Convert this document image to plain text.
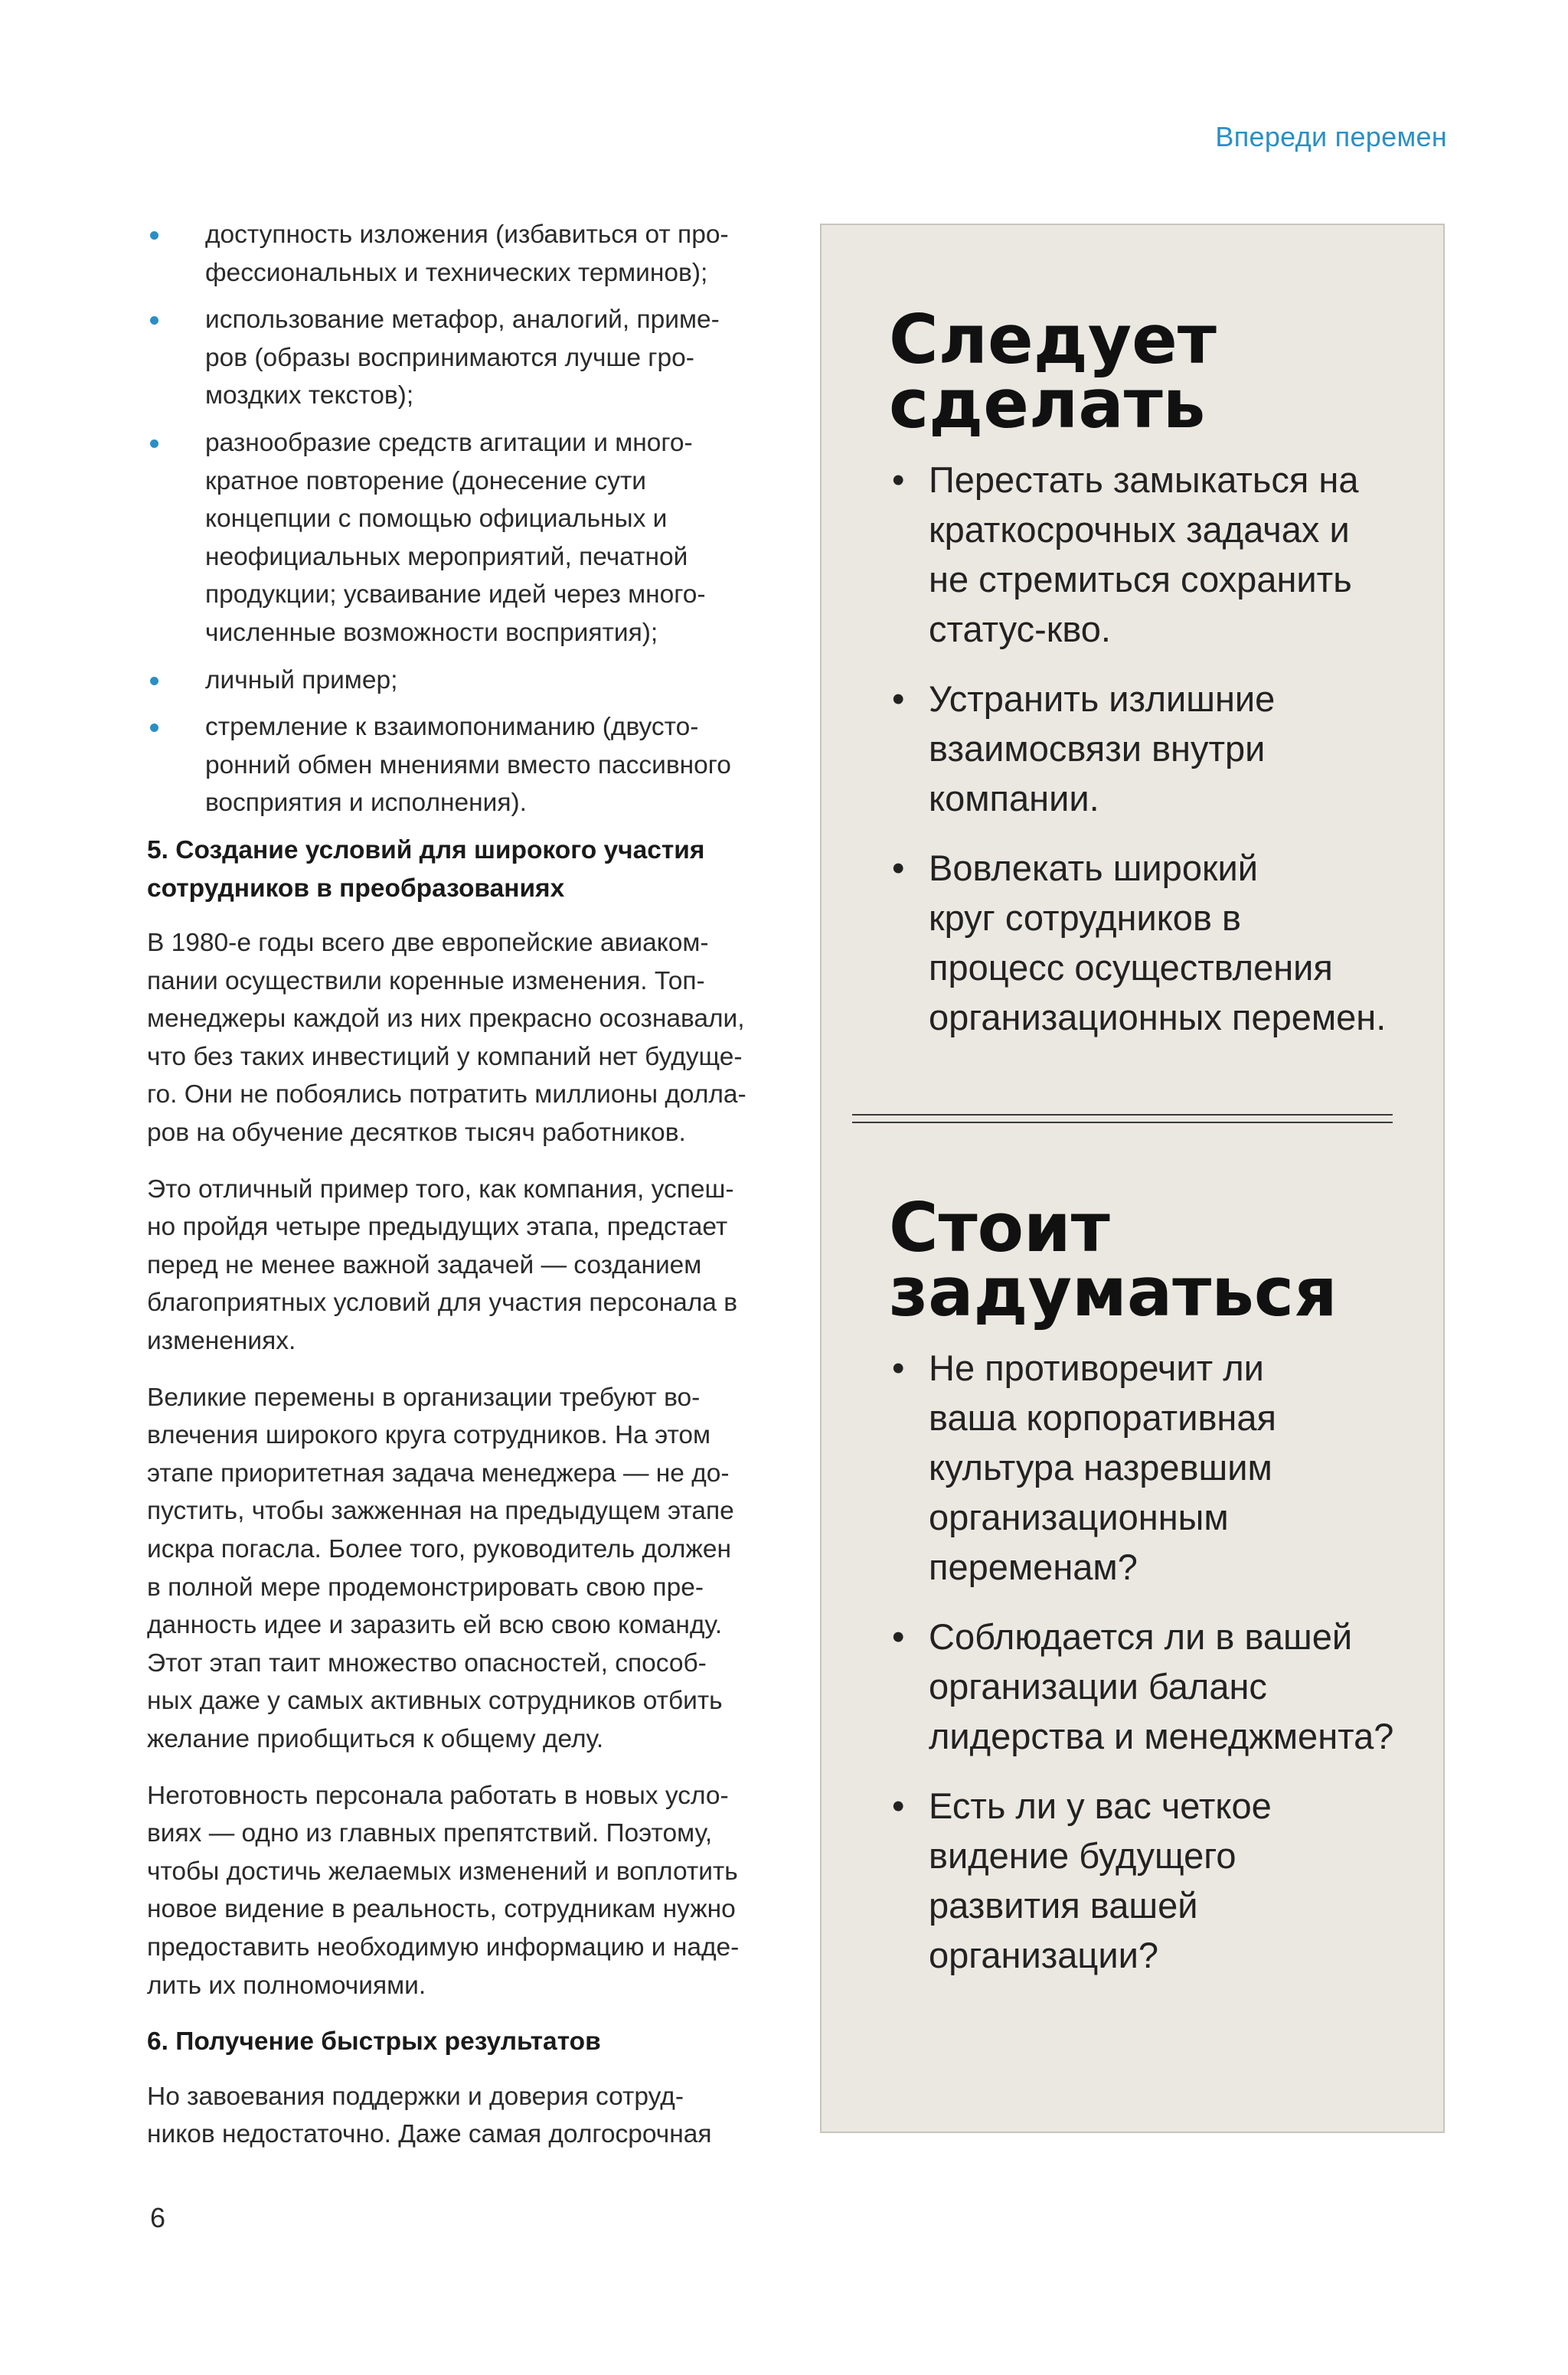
Впереди перемен
доступность изложения (избавиться от про-
фессиональных и технических терминов);
использование метафор, аналогий, приме-
ров (образы воспринимаются лучше гро-
моздких текстов);
разнообразие средств агитации и много-
кратное повторение (донесение сути
концепции с помощью официальных и
неофициальных мероприятий, печатной
продукции; усваивание идей через много-
численные возможности восприятия);
личный пример;
стремление к взаимопониманию (двусто-
ронний обмен мнениями вместо пассивного
восприятия и исполнения).
5. Создание условий для широкого участия
сотрудников в преобразованиях

В 1980-е годы всего две европейские авиаком-
пании осуществили коренные изменения. Топ-
менеджеры каждой из них прекрасно осознавали,
что без таких инвестиций у компаний нет будуще-
го. Они не побоялись потратить миллионы долла-
ров на обучение десятков тысяч работников.

Это отличный пример того, как компания, успеш-
но пройдя четыре предыдущих этапа, предстает
перед не менее важной задачей — созданием
благоприятных условий для участия персонала в
изменениях.

Великие перемены в организации требуют во-
влечения широкого круга сотрудников. На этом
этапе приоритетная задача менеджера — не до-
пустить, чтобы зажженная на предыдущем этапе
искра погасла. Более того, руководитель должен
в полной мере продемонстрировать свою пре-
данность идее и заразить ей всю свою команду.
Этот этап таит множество опасностей, способ-
ных даже у самых активных сотрудников отбить
желание приобщиться к общему делу.

Неготовность персонала работать в новых усло-
виях — одно из главных препятствий. Поэтому,
чтобы достичь желаемых изменений и воплотить
новое видение в реальность, сотрудникам нужно
предоставить необходимую информацию и наде-
лить их полномочиями.

6. Получение быстрых результатов

Но завоевания поддержки и доверия сотруд-
ников недостаточно. Даже самая долгосрочная

Следует
сделать
• Перестать замыкаться на
краткосрочных задачах и
не стремиться сохранить
статус-кво.
• Устранить излишние
взаимосвязи внутри
компании.
• Вовлекать широкий
круг сотрудников в
процесс осуществления
организационных перемен.
Стоит
задуматься
• Не противоречит ли
ваша корпоративная
культура назревшим
организационным
переменам?
• Соблюдается ли в вашей
организации баланс
лидерства и менеджмента?
• Есть ли у вас четкое
видение будущего
развития вашей
организации?
6
